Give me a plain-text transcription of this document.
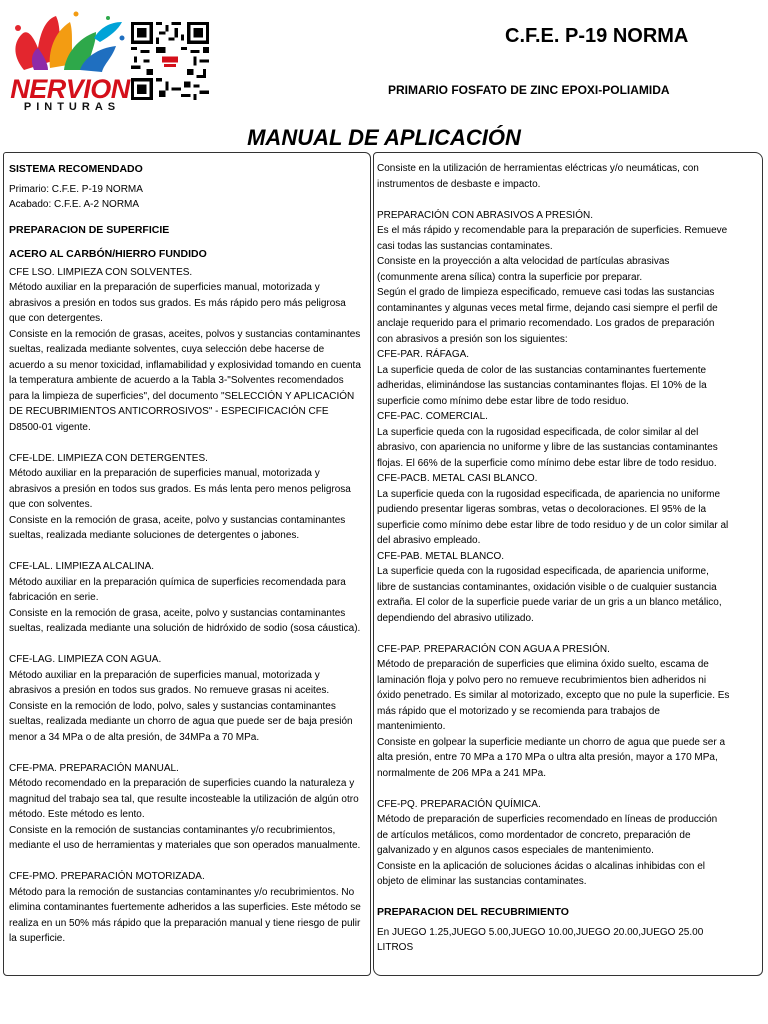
NERVION
PINTURAS
C.F.E. P-19 NORMA
PRIMARIO FOSFATO DE ZINC EPOXI-POLIAMIDA
MANUAL DE APLICACIÓN
SISTEMA RECOMENDADO
Primario: C.F.E. P-19 NORMA
Acabado: C.F.E. A-2 NORMA
PREPARACION DE SUPERFICIE
ACERO AL CARBÓN/HIERRO FUNDIDO
CFE LSO. LIMPIEZA CON SOLVENTES.
Método auxiliar en la preparación de superficies manual, motorizada y
abrasivos a presión en todos sus grados. Es más rápido pero más peligrosa
que con detergentes.
Consiste en la remoción de grasas, aceites, polvos y sustancias contaminantes
sueltas, realizada mediante solventes, cuya selección debe hacerse de
acuerdo a su menor toxicidad, inflamabilidad y explosividad tomando en cuenta
la temperatura ambiente de acuerdo a la Tabla 3-"Solventes recomendados
para la limpieza de superficies", del documento "SELECCIÓN Y APLICACIÓN
DE RECUBRIMIENTOS ANTICORROSIVOS" - ESPECIFICACIÓN CFE
D8500-01 vigente.
CFE-LDE. LIMPIEZA CON DETERGENTES.
Método auxiliar en la preparación de superficies manual, motorizada y
abrasivos a presión en todos sus grados. Es más lenta pero menos peligrosa
que con solventes.
Consiste en la remoción de grasa, aceite, polvo y sustancias contaminantes
sueltas, realizada mediante soluciones de detergentes o jabones.
CFE-LAL. LIMPIEZA ALCALINA.
Método auxiliar en la preparación química de superficies recomendada para
fabricación en serie.
Consiste en la remoción de grasa, aceite, polvo y sustancias contaminantes
sueltas, realizada mediante una solución de hidróxido de sodio (sosa cáustica).
CFE-LAG. LIMPIEZA CON AGUA.
Método auxiliar en la preparación de superficies manual, motorizada y
abrasivos a presión en todos sus grados. No remueve grasas ni aceites.
Consiste en la remoción de lodo, polvo, sales y sustancias contaminantes
sueltas, realizada mediante un chorro de agua que puede ser de baja presión
menor a 34 MPa o de alta presión, de 34MPa a 70 MPa.
CFE-PMA. PREPARACIÓN MANUAL.
Método recomendado en la preparación de superficies cuando la naturaleza y
magnitud del trabajo sea tal, que resulte incosteable la utilización de algún otro
método. Este método es lento.
Consiste en la remoción de sustancias contaminantes y/o recubrimientos,
mediante el uso de herramientas y materiales que son operados manualmente.
CFE-PMO. PREPARACIÓN MOTORIZADA.
Método para la remoción de sustancias contaminantes y/o recubrimientos. No
elimina contaminantes fuertemente adheridos a las superficies. Este método se
realiza en un 50% más rápido que la preparación manual y tiene riesgo de pulir
la superficie.
Consiste en la utilización de herramientas eléctricas y/o neumáticas, con
instrumentos de desbaste e impacto.
PREPARACIÓN CON ABRASIVOS A PRESIÓN.
Es el más rápido y recomendable para la preparación de superficies. Remueve
casi todas las sustancias contaminates.
Consiste en la proyección a alta velocidad de partículas abrasivas
(comunmente arena sílica) contra la superficie por preparar.
Según el grado de limpieza especificado, remueve casi todas las sustancias
contaminantes y algunas veces metal firme, dejando casi siempre el perfil de
anclaje requerido para el primario recomendado. Los grados de preparación
con abrasivos a presión son los siguientes:
CFE-PAR. RÁFAGA.
La superficie queda de color de las sustancias contaminantes fuertemente
adheridas, eliminándose las sustancias contaminantes flojas. El 10% de la
superficie como mínimo debe estar libre de todo residuo.
CFE-PAC. COMERCIAL.
La superficie queda con la rugosidad especificada, de color similar al del
abrasivo, con apariencia no uniforme y libre de las sustancias contaminantes
flojas. El 66% de la superficie como mínimo debe estar libre de todo residuo.
CFE-PACB. METAL CASI BLANCO.
La superficie queda con la rugosidad especificada, de apariencia no uniforme
pudiendo presentar ligeras sombras, vetas o decoloraciones. El 95% de la
superficie como mínimo debe estar libre de todo residuo y de un color similar al
del abrasivo empleado.
CFE-PAB. METAL BLANCO.
La superficie queda con la rugosidad especificada, de apariencia uniforme,
libre de sustancias contaminantes, oxidación visible o de cualquier sustancia
extraña. El color de la superficie puede variar de un gris a un blanco metálico,
dependiendo del abrasivo utilizado.
CFE-PAP. PREPARACIÓN CON AGUA A PRESIÓN.
Método de preparación de superficies que elimina óxido suelto, escama de
laminación floja y polvo pero no remueve recubrimientos bien adheridos ni
óxido penetrado. Es similar al motorizado, excepto que no pule la superficie. Es
más rápido que el motorizado y se recomienda para trabajos de
mantenimiento.
Consiste en golpear la superficie mediante un chorro de agua que puede ser a
alta presión, entre 70 MPa a 170 MPa o ultra alta presión, mayor a 170 MPa,
normalmente de 206 MPa a 241 MPa.
CFE-PQ. PREPARACIÓN QUÍMICA.
Método de preparación de superficies recomendado en líneas de producción
de artículos metálicos, como mordentador de concreto, preparación de
galvanizado y en algunos casos especiales de mantenimiento.
Consiste en la aplicación de soluciones ácidas o alcalinas inhibidas con el
objeto de eliminar las sustancias contaminates.
PREPARACION DEL RECUBRIMIENTO
En JUEGO 1.25,JUEGO 5.00,JUEGO 10.00,JUEGO 20.00,JUEGO 25.00
LITROS
